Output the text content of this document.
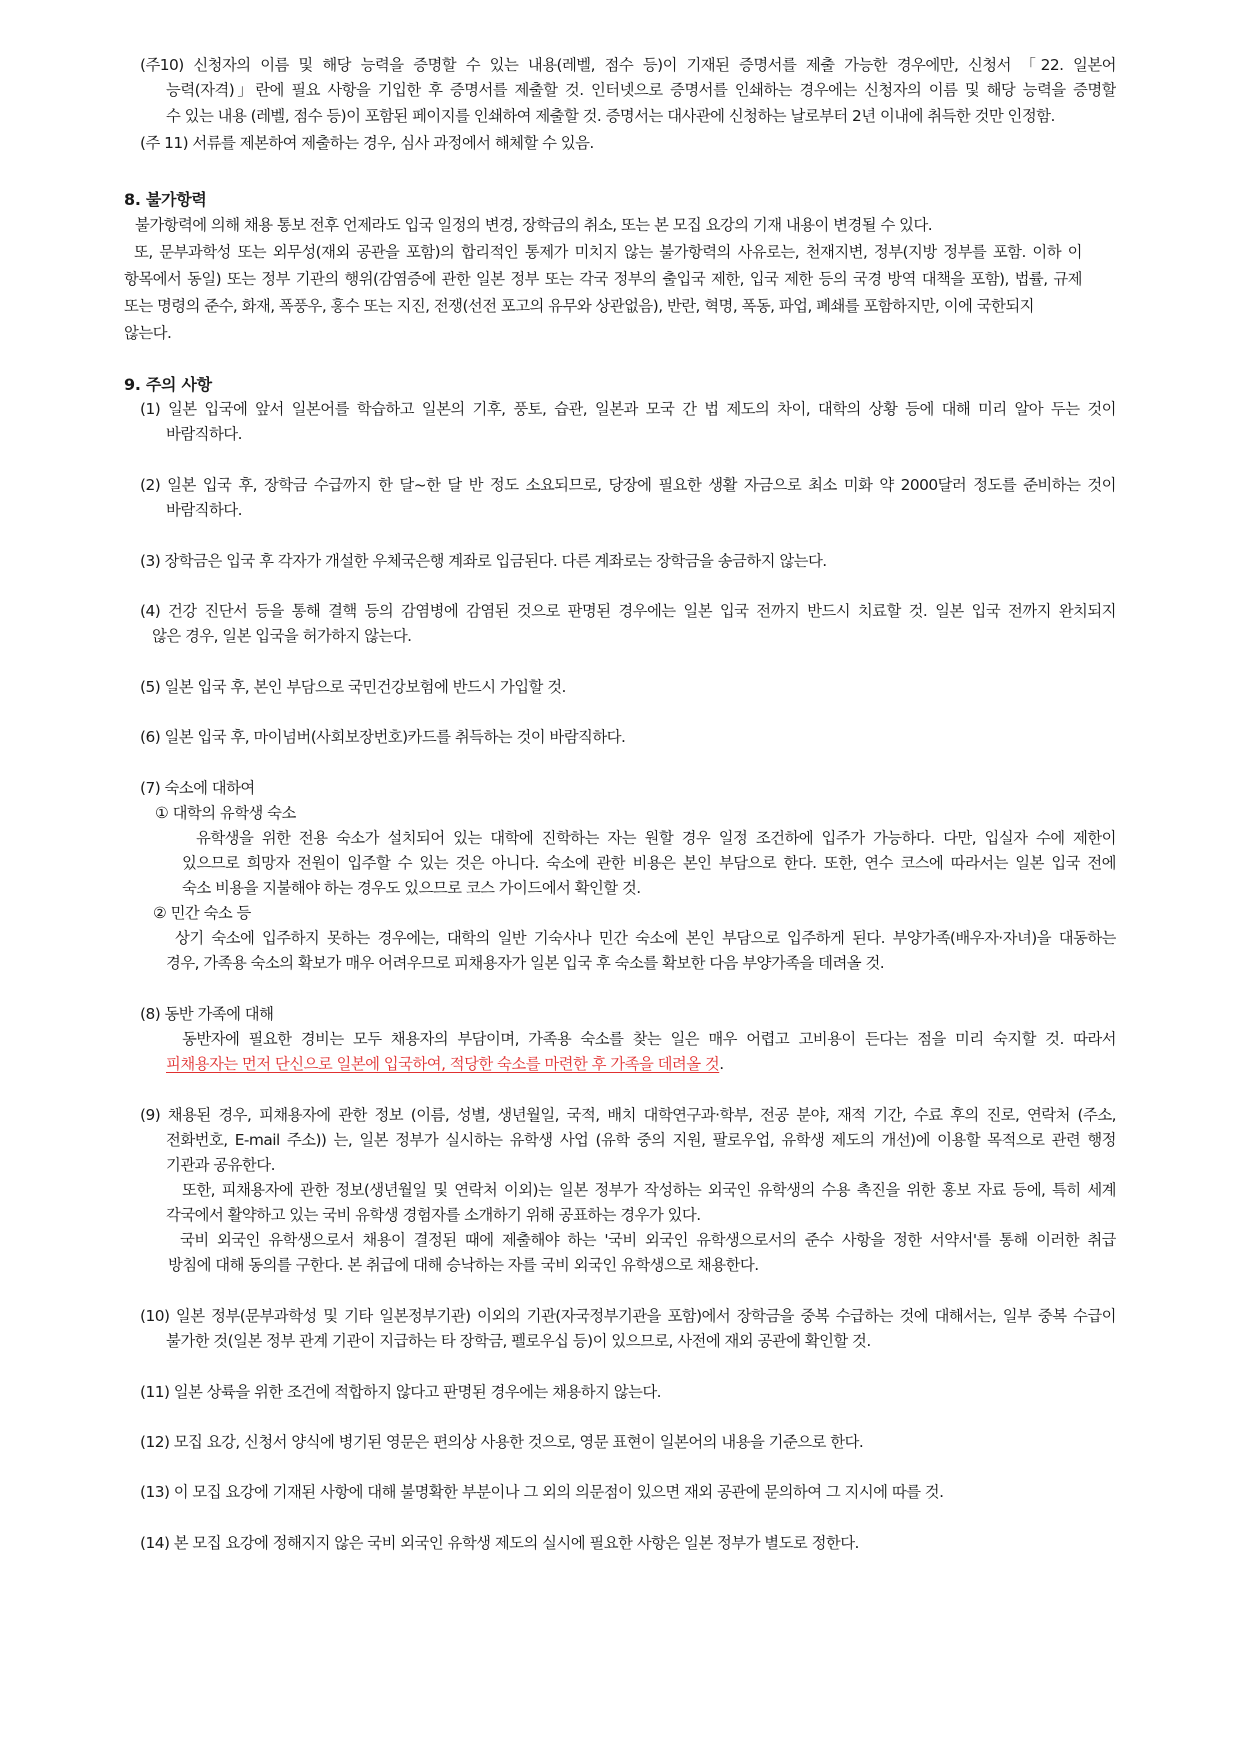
(주10) 신청자의 이름 및 해당 능력을 증명할 수 있는 내용(레벨, 점수 등)이 기재된 증명서를 제출 가능한 경우에만, 신청서 「22. 일본어
능력(자격)」란에 필요 사항을 기입한 후 증명서를 제출할 것. 인터넷으로 증명서를 인쇄하는 경우에는 신청자의 이름 및 해당 능력을 증명할
수 있는 내용 (레벨, 점수 등)이 포함된 페이지를 인쇄하여 제출할 것. 증명서는 대사관에 신청하는 날로부터 2년 이내에 취득한 것만 인정함.
(주 11) 서류를 제본하여 제출하는 경우, 심사 과정에서 해체할 수 있음.
8. 불가항력
불가항력에 의해 채용 통보 전후 언제라도 입국 일정의 변경, 장학금의 취소, 또는 본 모집 요강의 기재 내용이 변경될 수 있다.
또, 문부과학성 또는 외무성(재외 공관을 포함)의 합리적인 통제가 미치지 않는 불가항력의 사유로는, 천재지변, 정부(지방 정부를 포함. 이하 이
항목에서 동일) 또는 정부 기관의 행위(감염증에 관한 일본 정부 또는 각국 정부의 출입국 제한, 입국 제한 등의 국경 방역 대책을 포함), 법률, 규제
또는 명령의 준수, 화재, 폭풍우, 홍수 또는 지진, 전쟁(선전 포고의 유무와 상관없음), 반란, 혁명, 폭동, 파업, 폐쇄를 포함하지만, 이에 국한되지
않는다.
9. 주의 사항
(1) 일본 입국에 앞서 일본어를 학습하고 일본의 기후, 풍토, 습관, 일본과 모국 간 법 제도의 차이, 대학의 상황 등에 대해 미리 알아 두는 것이
바람직하다.
(2) 일본 입국 후, 장학금 수급까지 한 달~한 달 반 정도 소요되므로, 당장에 필요한 생활 자금으로 최소 미화 약 2000달러 정도를 준비하는 것이
바람직하다.
(3) 장학금은 입국 후 각자가 개설한 우체국은행 계좌로 입금된다. 다른 계좌로는 장학금을 송금하지 않는다.
(4) 건강 진단서 등을 통해 결핵 등의 감염병에 감염된 것으로 판명된 경우에는 일본 입국 전까지 반드시 치료할 것. 일본 입국 전까지 완치되지
않은 경우, 일본 입국을 허가하지 않는다.
(5) 일본 입국 후, 본인 부담으로 국민건강보험에 반드시 가입할 것.
(6) 일본 입국 후, 마이넘버(사회보장번호)카드를 취득하는 것이 바람직하다.
(7) 숙소에 대하여
① 대학의 유학생 숙소
유학생을 위한 전용 숙소가 설치되어 있는 대학에 진학하는 자는 원할 경우 일정 조건하에 입주가 가능하다. 다만, 입실자 수에 제한이
있으므로 희망자 전원이 입주할 수 있는 것은 아니다. 숙소에 관한 비용은 본인 부담으로 한다. 또한, 연수 코스에 따라서는 일본 입국 전에
숙소 비용을 지불해야 하는 경우도 있으므로 코스 가이드에서 확인할 것.
② 민간 숙소 등
상기 숙소에 입주하지 못하는 경우에는, 대학의 일반 기숙사나 민간 숙소에 본인 부담으로 입주하게 된다. 부양가족(배우자·자녀)을 대동하는
경우, 가족용 숙소의 확보가 매우 어려우므로 피채용자가 일본 입국 후 숙소를 확보한 다음 부양가족을 데려올 것.
(8) 동반 가족에 대해
동반자에 필요한 경비는 모두 채용자의 부담이며, 가족용 숙소를 찾는 일은 매우 어렵고 고비용이 든다는 점을 미리 숙지할 것. 따라서
피채용자는 먼저 단신으로 일본에 입국하여, 적당한 숙소를 마련한 후 가족을 데려올 것.
(9) 채용된 경우, 피채용자에 관한 정보 (이름, 성별, 생년월일, 국적, 배치 대학연구과·학부, 전공 분야, 재적 기간, 수료 후의 진로, 연락처 (주소,
전화번호, E-mail 주소)) 는, 일본 정부가 실시하는 유학생 사업 (유학 중의 지원, 팔로우업, 유학생 제도의 개선)에 이용할 목적으로 관련 행정
기관과 공유한다.
또한, 피채용자에 관한 정보(생년월일 및 연락처 이외)는 일본 정부가 작성하는 외국인 유학생의 수용 촉진을 위한 홍보 자료 등에, 특히 세계
각국에서 활약하고 있는 국비 유학생 경험자를 소개하기 위해 공표하는 경우가 있다.
국비 외국인 유학생으로서 채용이 결정된 때에 제출해야 하는 '국비 외국인 유학생으로서의 준수 사항을 정한 서약서'를 통해 이러한 취급
방침에 대해 동의를 구한다. 본 취급에 대해 승낙하는 자를 국비 외국인 유학생으로 채용한다.
(10) 일본 정부(문부과학성 및 기타 일본정부기관) 이외의 기관(자국정부기관을 포함)에서 장학금을 중복 수급하는 것에 대해서는, 일부 중복 수급이
불가한 것(일본 정부 관계 기관이 지급하는 타 장학금, 펠로우십 등)이 있으므로, 사전에 재외 공관에 확인할 것.
(11) 일본 상륙을 위한 조건에 적합하지 않다고 판명된 경우에는 채용하지 않는다.
(12) 모집 요강, 신청서 양식에 병기된 영문은 편의상 사용한 것으로, 영문 표현이 일본어의 내용을 기준으로 한다.
(13) 이 모집 요강에 기재된 사항에 대해 불명확한 부분이나 그 외의 의문점이 있으면 재외 공관에 문의하여 그 지시에 따를 것.
(14) 본 모집 요강에 정해지지 않은 국비 외국인 유학생 제도의 실시에 필요한 사항은 일본 정부가 별도로 정한다.
